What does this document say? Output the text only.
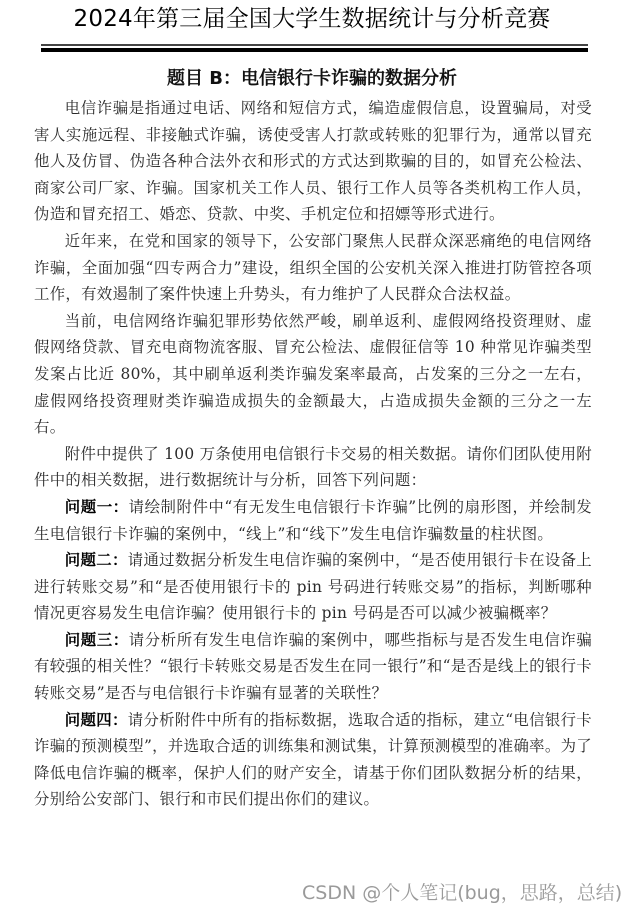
2024年第三届全国大学生数据统计与分析竞赛
题目 B：电信银行卡诈骗的数据分析

电信诈骗是指通过电话、网络和短信方式，编造虚假信息，设置骗局，对受害人实施远程、非接触式诈骗，诱使受害人打款或转账的犯罪行为，通常以冒充他人及仿冒、伪造各种合法外衣和形式的方式达到欺骗的目的，如冒充公检法、商家公司厂家、诈骗。国家机关工作人员、银行工作人员等各类机构工作人员，伪造和冒充招工、婚恋、贷款、中奖、手机定位和招嫖等形式进行。

近年来，在党和国家的领导下，公安部门聚焦人民群众深恶痛绝的电信网络诈骗，全面加强“四专两合力”建设，组织全国的公安机关深入推进打防管控各项工作，有效遏制了案件快速上升势头，有力维护了人民群众合法权益。

当前，电信网络诈骗犯罪形势依然严峻，刷单返利、虚假网络投资理财、虚假网络贷款、冒充电商物流客服、冒充公检法、虚假征信等 10 种常见诈骗类型发案占比近 80%，其中刷单返利类诈骗发案率最高，占发案的三分之一左右，虚假网络投资理财类诈骗造成损失的金额最大，占造成损失金额的三分之一左右。

附件中提供了 100 万条使用电信银行卡交易的相关数据。请你们团队使用附件中的相关数据，进行数据统计与分析，回答下列问题：

问题一：请绘制附件中“有无发生电信银行卡诈骗”比例的扇形图，并绘制发生电信银行卡诈骗的案例中，“线上”和“线下”发生电信诈骗数量的柱状图。

问题二：请通过数据分析发生电信诈骗的案例中，“是否使用银行卡在设备上进行转账交易”和“是否使用银行卡的 pin 号码进行转账交易”的指标，判断哪种情况更容易发生电信诈骗？使用银行卡的 pin 号码是否可以减少被骗概率？

问题三：请分析所有发生电信诈骗的案例中，哪些指标与是否发生电信诈骗有较强的相关性？“银行卡转账交易是否发生在同一银行”和“是否是线上的银行卡转账交易”是否与电信银行卡诈骗有显著的关联性？

问题四：请分析附件中所有的指标数据，选取合适的指标，建立“电信银行卡诈骗的预测模型”，并选取合适的训练集和测试集，计算预测模型的准确率。为了降低电信诈骗的概率，保护人们的财产安全，请基于你们团队数据分析的结果，分别给公安部门、银行和市民们提出你们的建议。

CSDN @个人笔记(bug，思路，总结)
